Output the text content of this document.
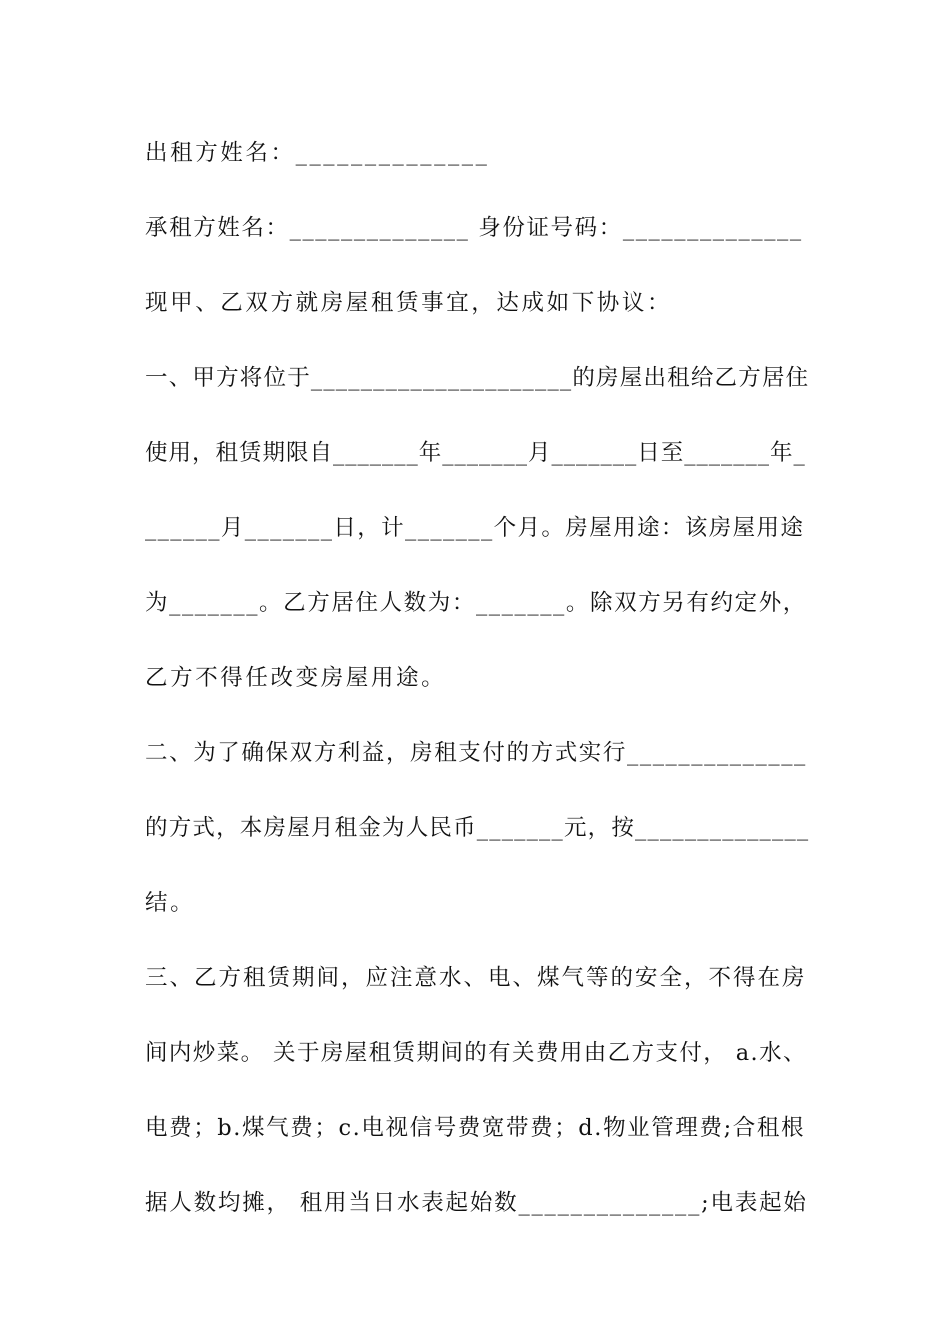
出租方姓名：______________
承租方姓名：______________ 身份证号码：______________
现甲、乙双方就房屋租赁事宜，达成如下协议：
一、甲方将位于_____________________的房屋出租给乙方居住
使用，租赁期限自_______年_______月_______日至_______年_
______月_______日，计_______个月。房屋用途：该房屋用途
为_______。乙方居住人数为：_______。除双方另有约定外，
乙方不得任改变房屋用途。
二、为了确保双方利益，房租支付的方式实行______________
的方式，本房屋月租金为人民币_______元，按______________
结。
三、乙方租赁期间，应注意水、电、煤气等的安全，不得在房
间内炒菜。 关于房屋租赁期间的有关费用由乙方支付， a.水、
电费；b.煤气费；c.电视信号费宽带费；d.物业管理费;合租根
据人数均摊， 租用当日水表起始数______________;电表起始
